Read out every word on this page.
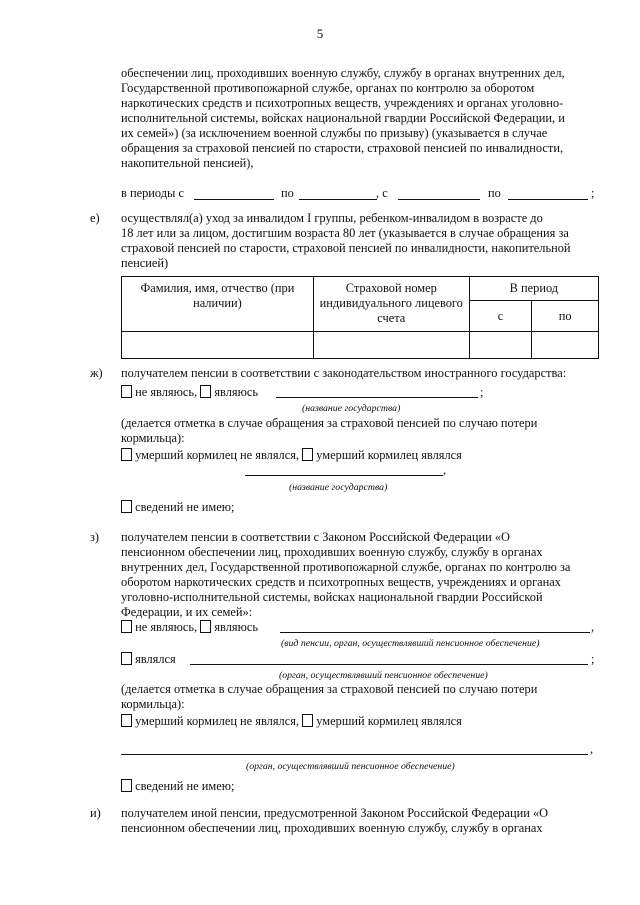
5
обеспечении лиц, проходивших военную службу, службу в органах внутренних дел,
Государственной противопожарной службе, органах по контролю за оборотом
наркотических средств и психотропных веществ, учреждениях и органах уголовно-
исполнительной системы, войсках национальной гвардии Российской Федерации, и
их семей») (за исключением военной службы по призыву) (указывается в случае
обращения за страховой пенсией по старости, страховой пенсией по инвалидности,
накопительной пенсией),
в периоды с	по	, с	по	;
е) осуществлял(а) уход за инвалидом I группы, ребенком-инвалидом в возрасте до
18 лет или за лицом, достигшим возраста 80 лет (указывается в случае обращения за
страховой пенсией по старости, страховой пенсией по инвалидности, накопительной
пенсией)
Фамилия, имя, отчество (при наличии)	Страховой номер индивидуального лицевого счета	В период	
		с	по

ж) получателем пенсии в соответствии с законодательством иностранного государства:
не являюсь, являюсь	;
(название государства)
(делается отметка в случае обращения за страховой пенсией по случаю потери
кормильца):
умерший кормилец не являлся, умерший кормилец являлся
,
(название государства)
сведений не имею;
з) получателем пенсии в соответствии с Законом Российской Федерации «О
пенсионном обеспечении лиц, проходивших военную службу, службу в органах
внутренних дел, Государственной противопожарной службе, органах по контролю за
оборотом наркотических средств и психотропных веществ, учреждениях и органах
уголовно-исполнительной системы, войсках национальной гвардии Российской
Федерации, и их семей»:
не являюсь, являюсь	,
(вид пенсии, орган, осуществлявший пенсионное обеспечение)
являлся	;
(орган, осуществлявший пенсионное обеспечение)
(делается отметка в случае обращения за страховой пенсией по случаю потери
кормильца):
умерший кормилец не являлся, умерший кормилец являлся
,
(орган, осуществлявший пенсионное обеспечение)
сведений не имею;
и) получателем иной пенсии, предусмотренной Законом Российской Федерации «О
пенсионном обеспечении лиц, проходивших военную службу, службу в органах
